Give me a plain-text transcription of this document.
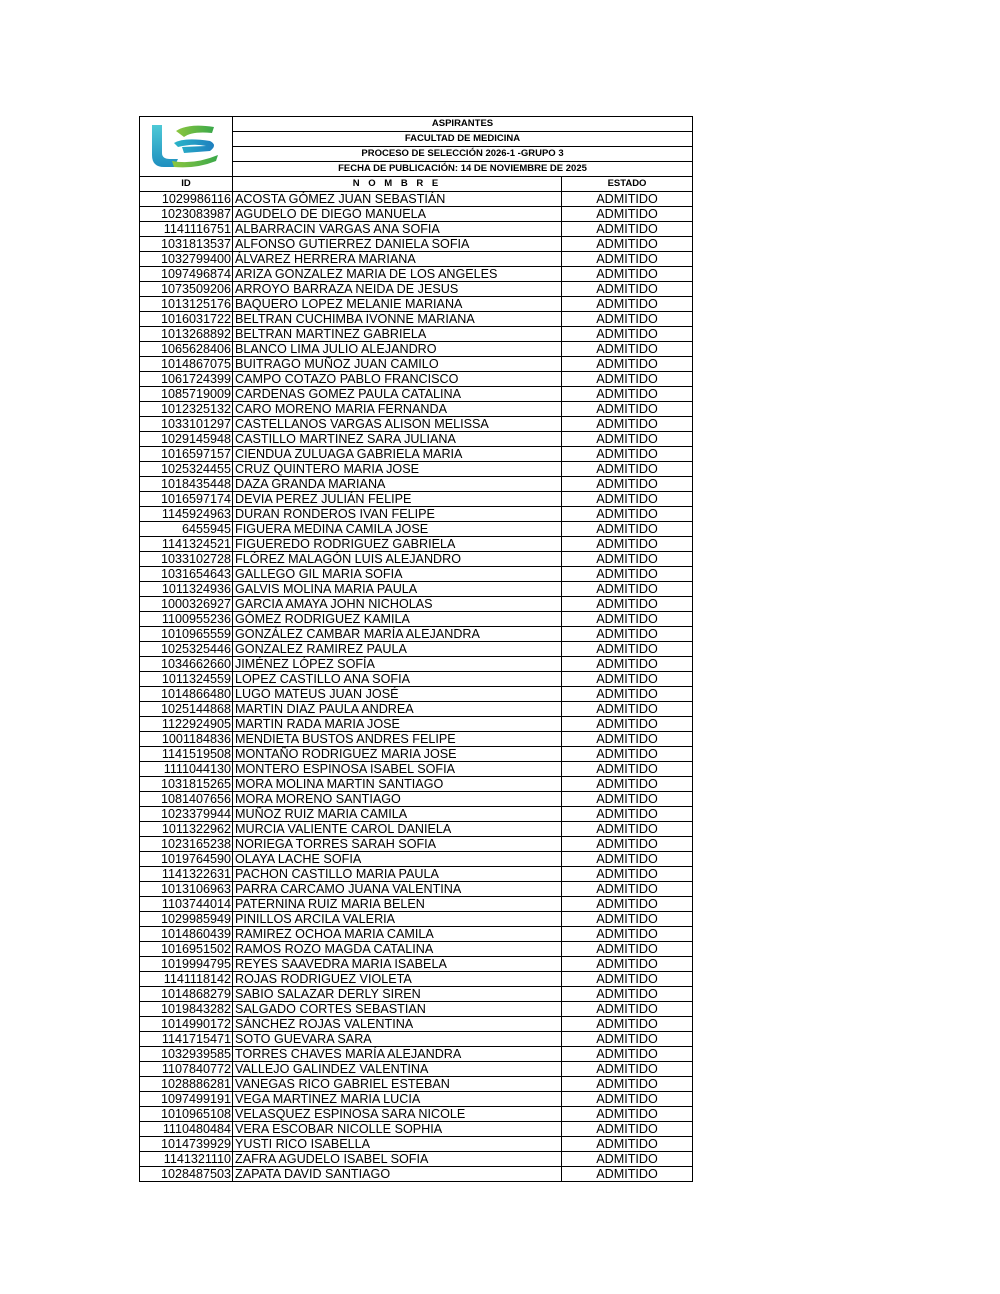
	ASPIRANTES	
	FACULTAD DE MEDICINA	
	PROCESO DE SELECCIÓN 2026-1 -GRUPO 3	
	FECHA DE PUBLICACIÓN: 14 DE NOVIEMBRE DE 2025	
ID	N O M B R E	ESTADO
1029986116	ACOSTA GÓMEZ JUAN SEBASTIÁN	ADMITIDO
1023083987	AGUDELO DE DIEGO MANUELA	ADMITIDO
1141116751	ALBARRACIN VARGAS ANA SOFIA	ADMITIDO
1031813537	ALFONSO GUTIERREZ DANIELA SOFIA	ADMITIDO
1032799400	ÁLVAREZ HERRERA MARIANA	ADMITIDO
1097496874	ARIZA GONZALEZ MARIA DE LOS ANGELES	ADMITIDO
1073509206	ARROYO BARRAZA NEIDA DE JESUS	ADMITIDO
1013125176	BAQUERO LOPEZ MELANIE MARIANA	ADMITIDO
1016031722	BELTRAN CUCHIMBA IVONNE MARIANA	ADMITIDO
1013268892	BELTRAN MARTINEZ GABRIELA	ADMITIDO
1065628406	BLANCO LIMA JULIO ALEJANDRO	ADMITIDO
1014867075	BUITRAGO MUÑOZ JUAN CAMILO	ADMITIDO
1061724399	CAMPO COTAZO PABLO FRANCISCO	ADMITIDO
1085719009	CARDENAS GOMEZ PAULA CATALINA	ADMITIDO
1012325132	CARO MORENO MARIA FERNANDA	ADMITIDO
1033101297	CASTELLANOS VARGAS ALISON MELISSA	ADMITIDO
1029145948	CASTILLO MARTINEZ SARA JULIANA	ADMITIDO
1016597157	CIENDUA ZULUAGA GABRIELA MARIA	ADMITIDO
1025324455	CRUZ QUINTERO MARIA JOSE	ADMITIDO
1018435448	DAZA GRANDA MARIANA	ADMITIDO
1016597174	DEVIA PEREZ JULIÁN FELIPE	ADMITIDO
1145924963	DURAN RONDEROS IVAN FELIPE	ADMITIDO
6455945	FIGUERA MEDINA CAMILA JOSE	ADMITIDO
1141324521	FIGUEREDO RODRIGUEZ GABRIELA	ADMITIDO
1033102728	FLÓREZ MALAGÓN LUIS ALEJANDRO	ADMITIDO
1031654643	GALLEGO GIL MARIA SOFIA	ADMITIDO
1011324936	GALVIS MOLINA MARIA PAULA	ADMITIDO
1000326927	GARCIA AMAYA JOHN NICHOLAS	ADMITIDO
1100955236	GÓMEZ RODRIGUEZ KAMILA	ADMITIDO
1010965559	GONZÁLEZ CAMBAR MARÍA ALEJANDRA	ADMITIDO
1025325446	GONZALEZ RAMIREZ PAULA	ADMITIDO
1034662660	JIMÉNEZ LÓPEZ SOFÍA	ADMITIDO
1011324559	LOPEZ CASTILLO ANA SOFIA	ADMITIDO
1014866480	LUGO MATEUS JUAN JOSÉ	ADMITIDO
1025144868	MARTIN DIAZ PAULA ANDREA	ADMITIDO
1122924905	MARTIN RADA MARIA JOSE	ADMITIDO
1001184836	MENDIETA BUSTOS ANDRES FELIPE	ADMITIDO
1141519508	MONTAÑO RODRIGUEZ MARIA JOSE	ADMITIDO
1111044130	MONTERO ESPINOSA ISABEL SOFIA	ADMITIDO
1031815265	MORA MOLINA MARTIN SANTIAGO	ADMITIDO
1081407656	MORA MORENO SANTIAGO	ADMITIDO
1023379944	MUÑOZ RUIZ MARIA CAMILA	ADMITIDO
1011322962	MURCIA VALIENTE CAROL DANIELA	ADMITIDO
1023165238	NORIEGA TORRES SARAH SOFIA	ADMITIDO
1019764590	OLAYA LACHE SOFIA	ADMITIDO
1141322631	PACHON CASTILLO MARIA PAULA	ADMITIDO
1013106963	PARRA CARCAMO JUANA VALENTINA	ADMITIDO
1103744014	PATERNINA RUIZ MARIA BELEN	ADMITIDO
1029985949	PINILLOS ARCILA VALERIA	ADMITIDO
1014860439	RAMIREZ OCHOA MARIA CAMILA	ADMITIDO
1016951502	RAMOS ROZO MAGDA CATALINA	ADMITIDO
1019994795	REYES SAAVEDRA MARIA ISABELA	ADMITIDO
1141118142	ROJAS RODRIGUEZ VIOLETA	ADMITIDO
1014868279	SABIO SALAZAR DERLY SIREN	ADMITIDO
1019843282	SALGADO CORTES SEBASTIAN	ADMITIDO
1014990172	SÁNCHEZ ROJAS VALENTINA	ADMITIDO
1141715471	SOTO GUEVARA SARA	ADMITIDO
1032939585	TORRES CHAVES MARÍA ALEJANDRA	ADMITIDO
1107840772	VALLEJO GALINDEZ VALENTINA	ADMITIDO
1028886281	VANEGAS RICO GABRIEL ESTEBAN	ADMITIDO
1097499191	VEGA MARTINEZ MARIA LUCIA	ADMITIDO
1010965108	VELASQUEZ ESPINOSA SARA NICOLE	ADMITIDO
1110480484	VERA ESCOBAR NICOLLE SOPHIA	ADMITIDO
1014739929	YUSTI RICO ISABELLA	ADMITIDO
1141321110	ZAFRA AGUDELO ISABEL SOFIA	ADMITIDO
1028487503	ZAPATA DAVID SANTIAGO	ADMITIDO
